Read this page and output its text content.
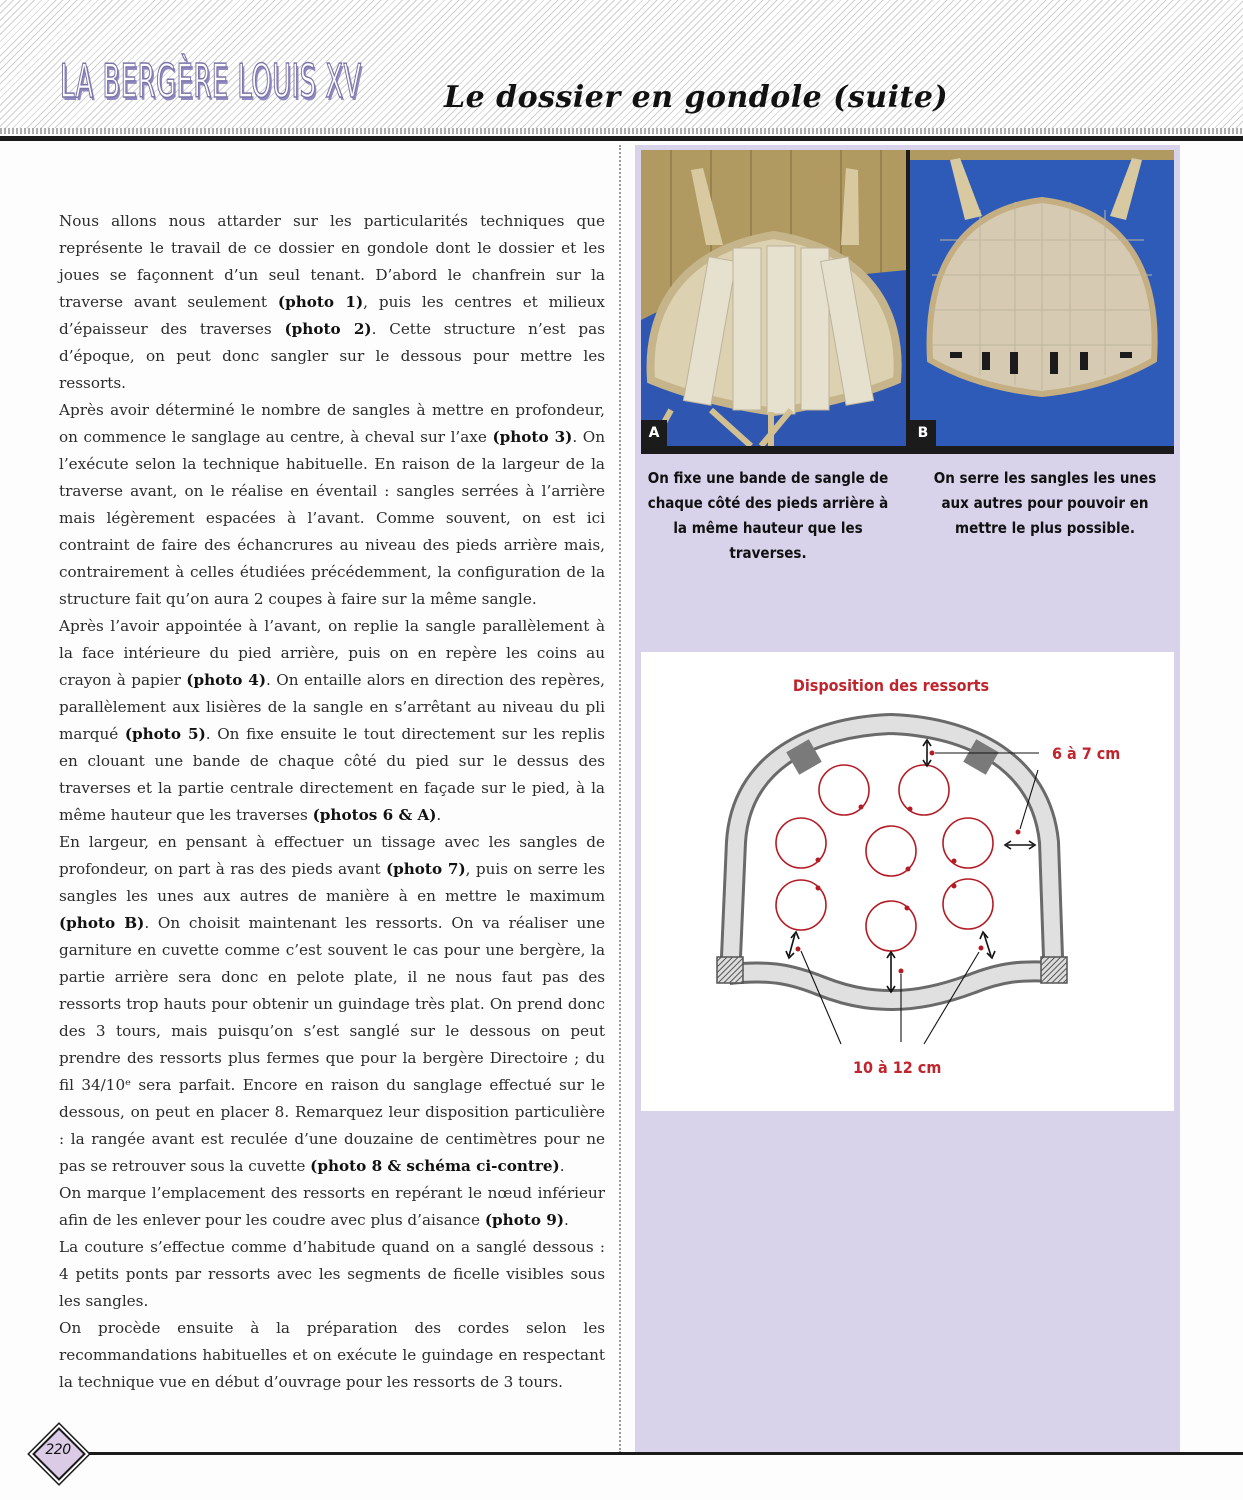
LA BERGÈRE LOUIS XV	Le dossier en gondole (suite)

Nous allons nous attarder sur les particularités techniques que représente le travail de ce dossier en gondole dont le dossier et les joues se façonnent d’un seul tenant. D’abord le chanfrein sur la traverse avant seulement (photo 1), puis les centres et milieux d’épaisseur des traverses (photo 2). Cette structure n’est pas d’époque, on peut donc sangler sur le dessous pour mettre les ressorts.

Après avoir déterminé le nombre de sangles à mettre en profondeur, on commence le sanglage au centre, à cheval sur l’axe (photo 3). On l’exécute selon la technique habituelle. En raison de la largeur de la traverse avant, on le réalise en éventail : sangles serrées à l’arrière mais légèrement espacées à l’avant. Comme souvent, on est ici contraint de faire des échancrures au niveau des pieds arrière mais, contrairement à celles étudiées précédemment, la configuration de la structure fait qu’on aura 2 coupes à faire sur la même sangle.

Après l’avoir appointée à l’avant, on replie la sangle parallèlement à la face intérieure du pied arrière, puis on en repère les coins au crayon à papier (photo 4). On entaille alors en direction des repères, parallèlement aux lisières de la sangle en s’arrêtant au niveau du pli marqué (photo 5). On fixe ensuite le tout directement sur les replis en clouant une bande de chaque côté du pied sur le dessus des traverses et la partie centrale directement en façade sur le pied, à la même hauteur que les traverses (photos 6 & A).

En largeur, en pensant à effectuer un tissage avec les sangles de profondeur, on part à ras des pieds avant (photo 7), puis on serre les sangles les unes aux autres de manière à en mettre le maximum (photo B). On choisit maintenant les ressorts. On va réaliser une garniture en cuvette comme c’est souvent le cas pour une bergère, la partie arrière sera donc en pelote plate, il ne nous faut pas des ressorts trop hauts pour obtenir un guindage très plat. On prend donc des 3 tours, mais puisqu’on s’est sanglé sur le dessous on peut prendre des ressorts plus fermes que pour la bergère Directoire ; du fil 34/10ᵉ sera parfait. Encore en raison du sanglage effectué sur le dessous, on peut en placer 8. Remarquez leur disposition particulière : la rangée avant est reculée d’une douzaine de centimètres pour ne pas se retrouver sous la cuvette (photo 8 & schéma ci-contre).

On marque l’emplacement des ressorts en repérant le nœud inférieur afin de les enlever pour les coudre avec plus d’aisance (photo 9).

La couture s’effectue comme d’habitude quand on a sanglé dessous : 4 petits ponts par ressorts avec les segments de ficelle visibles sous les sangles.

On procède ensuite à la préparation des cordes selon les recommandations habituelles et on exécute le guindage en respectant la technique vue en début d’ouvrage pour les ressorts de 3 tours.

A	B
On fixe une bande de sangle de chaque côté des pieds arrière à la même hauteur que les traverses.
On serre les sangles les unes aux autres pour pouvoir en mettre le plus possible.
Disposition des ressorts
6 à 7 cm
10 à 12 cm
220
